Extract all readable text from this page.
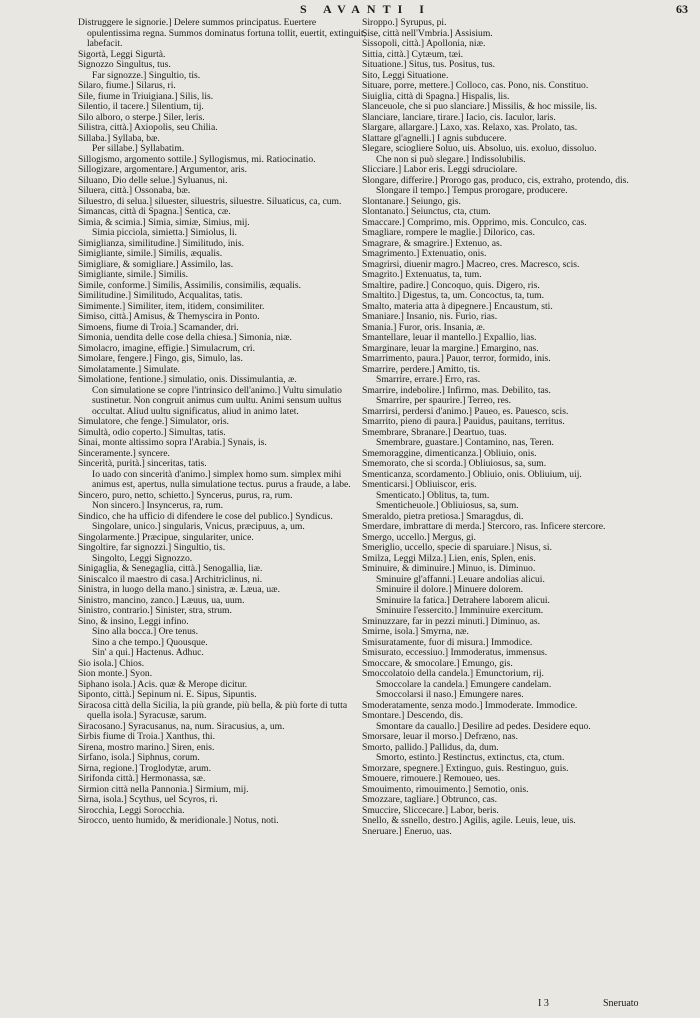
S AVANTI I	63

Distruggere le signorie.] Delere summos principatus. Euertere opulentissima regna. Summos dominatus fortuna tollit, euertit, extinguit, labefacit.

Sigortà, Leggi Sigurtà.

Signozzo Singultus, tus.

Far signozze.] Singultio, tis.

Silaro, fiume.] Silarus, ri.

Sile, fiume in Triuigiana.] Silis, lis.

Silentio, il tacere.] Silentium, tij.

Silo alboro, o sterpe.] Siler, leris.

Silistra, città.] Axiopolis, seu Chilia.

Sillaba.] Syllaba, bæ.

Per sillabe.] Syllabatim.

Sillogismo, argomento sottile.] Syllogismus, mi. Ratiocinatio.

Sillogizare, argomentare.] Argumentor, aris.

Siluano, Dio delle selue.] Syluanus, ni.

Siluera, città.] Ossonaba, bæ.

Siluestro, di selua.] siluester, siluestris, siluestre. Siluaticus, ca, cum.

Simancas, città di Spagna.] Sentica, cæ.

Simia, & scimia.] Simia, simiæ, Simius, mij.

Simia picciola, simietta.] Simiolus, li.

Simiglianza, similitudine.] Similitudo, inis.

Simigliante, simile.] Similis, æqualis.

Simigliare, & somigliare.] Assimilo, las.

Simigliante, simile.] Similis.

Simile, conforme.] Similis, Assimilis, consimilis, æqualis.

Similitudine.] Similitudo, Acqualitas, tatis.

Simimente.] Similiter, item, itidem, consimiliter.

Simiso, città.] Amisus, & Themyscira in Ponto.

Simoens, fiume di Troia.] Scamander, dri.

Simonia, uendita delle cose della chiesa.] Simonia, niæ.

Simolacro, imagine, effigie.] Simulacrum, cri.

Simolare, fengere.] Fingo, gis, Simulo, las.

Simolatamente.] Simulate.

Simolatione, fentione.] simulatio, onis. Dissimulantia, æ.

Con simulatione se copre l'intrinsico dell'animo.] Vultu simulatio sustinetur. Non congruit animus cum uultu. Animi sensum uultus occultat. Aliud uultu significatus, aliud in animo latet.

Simulatore, che fenge.] Simulator, oris.

Simultà, odio coperto.] Simultas, tatis.

Sinai, monte altissimo sopra l'Arabia.] Synais, is.

Sinceramente.] syncere.

Sincerità, purità.] sinceritas, tatis.

Io uado con sincerità d'animo.] simplex homo sum. simplex mihi animus est, apertus, nulla simulatione tectus. purus a fraude, a labe.

Sincero, puro, netto, schietto.] Syncerus, purus, ra, rum.

Non sincero.] Insyncerus, ra, rum.

Sindico, che ha ufficio di difendere le cose del publico.] Syndicus.

Singolare, unico.] singularis, Vnicus, præcipuus, a, um.

Singolarmente.] Præcipue, singulariter, unice.

Singoltire, far signozzi.] Singultio, tis.

Singolto, Leggi Signozzo.

Sinigaglia, & Senegaglia, città.] Senogallia, liæ.

Siniscalco il maestro di casa.] Architriclinus, ni.

Sinistra, in luogo della mano.] sinistra, æ. Læua, uæ.

Sinistro, mancino, zanco.] Læuus, ua, uum.

Sinistro, contrario.] Sinister, stra, strum.

Sino, & insino, Leggi infino.

Sino alla bocca.] Ore tenus.

Sino a che tempo.] Quousque.

Sin' a qui.] Hactenus. Adhuc.

Sio isola.] Chios.

Sion monte.] Syon.

Siphano isola.] Acis. quæ & Merope dicitur.

Siponto, città.] Sepinum ni. E. Sipus, Sipuntis.

Siracosa città della Sicilia, la più grande, più bella, & più forte di tutta quella isola.] Syracusæ, sarum.

Siracosano.] Syracusanus, na, num. Siracusius, a, um.

Sirbis fiume di Troia.] Xanthus, thi.

Sirena, mostro marino.] Siren, enis.

Sirfano, isola.] Siphnus, corum.

Sirna, regione.] Troglodytæ, arum.

Sirifonda città.] Hermonassa, sæ.

Sirmion città nella Pannonia.] Sirmium, mij.

Sirna, isola.] Scythus, uel Scyros, ri.

Sirocchia, Leggi Sorocchia.

Sirocco, uento humido, & meridionale.] Notus, noti.

Siroppo.] Syrupus, pi.

Sise, città nell'Vmbria.] Assisium.

Sissopoli, città.] Apollonia, niæ.

Sittia, città.] Cytæum, tæi.

Situatione.] Situs, tus. Positus, tus.

Sito, Leggi Situatione.

Situare, porre, mettere.] Colloco, cas. Pono, nis. Constituo.

Siuiglia, città di Spagna.] Hispalis, lis.

Slanceuole, che si puo slanciare.] Missilis, & hoc missile, lis.

Slanciare, lanciare, tirare.] Iacio, cis. Iaculor, laris.

Slargare, allargare.] Laxo, xas. Relaxo, xas. Prolato, tas.

Slattare gl'agnelli.] I agnis subducere.

Slegare, sciogliere Soluo, uis. Absoluo, uis. exoluo, dissoluo.

Che non si può slegare.] Indissolubilis.

Slicciare.] Labor eris. Leggi sdruciolare.

Slongare, differire.] Prorogo gas, produco, cis, extraho, protendo, dis.

Slongare il tempo.] Tempus prorogare, producere.

Slontanare.] Seiungo, gis.

Slontanato.] Seiunctus, cta, ctum.

Smaccare.] Comprimo, mis. Opprimo, mis. Conculco, cas.

Smagliare, rompere le maglie.] Dilorico, cas.

Smagrare, & smagrire.] Extenuo, as.

Smagrimento.] Extenuatio, onis.

Smagrirsi, diuenir magro.] Macreo, cres. Macresco, scis.

Smagrito.] Extenuatus, ta, tum.

Smaltire, padire.] Concoquo, quis. Digero, ris.

Smaltito.] Digestus, ta, um. Concoctus, ta, tum.

Smalto, materia atta à dipegnere.] Encaustum, sti.

Smaniare.] Insanio, nis. Furio, rias.

Smania.] Furor, oris. Insania, æ.

Smantellare, leuar il mantello.] Expallio, lias.

Smarginare, leuar la margine.] Emargino, nas.

Smarrimento, paura.] Pauor, terror, formido, inis.

Smarrire, perdere.] Amitto, tis.

Smarrire, errare.] Erro, ras.

Smarrire, indebolire.] Infirmo, mas. Debilito, tas.

Smarrire, per spaurire.] Terreo, res.

Smarrirsi, perdersi d'animo.] Paueo, es. Pauesco, scis.

Smarrito, pieno di paura.] Pauidus, pauitans, territus.

Smembrare, Sbranare.] Deartuo, tuas.

Smembrare, guastare.] Contamino, nas, Teren.

Smemoraggine, dimenticanza.] Obliuio, onis.

Smemorato, che si scorda.] Obliuiosus, sa, sum.

Smenticanza, scordamento.] Obliuio, onis. Obliuium, uij.

Smenticarsi.] Obliuiscor, eris.

Smenticato.] Oblitus, ta, tum.

Smenticheuole.] Obliuiosus, sa, sum.

Smeraldo, pietra pretiosa.] Smaragdus, di.

Smerdare, imbrattare di merda.] Stercoro, ras. Inficere stercore.

Smergo, uccello.] Mergus, gi.

Smeriglio, uccello, specie di sparuiare.] Nisus, si.

Smilza, Leggi Milza.] Lien, enis, Splen, enis.

Sminuire, & diminuire.] Minuo, is. Diminuo.

Sminuire gl'affanni.] Leuare andolias alicui.

Sminuire il dolore.] Minuere dolorem.

Sminuire la fatica.] Detrahere laborem alicui.

Sminuire l'essercito.] Imminuire exercitum.

Sminuzzare, far in pezzi minuti.] Diminuo, as.

Smirne, isola.] Smyrna, næ.

Smisuratamente, fuor di misura.] Immodice.

Smisurato, eccessiuo.] Immoderatus, immensus.

Smoccare, & smocolare.] Emungo, gis.

Smoccolatoio della candela.] Emunctorium, rij.

Smoccolare la candela.] Emungere candelam.

Smoccolarsi il naso.] Emungere nares.

Smoderatamente, senza modo.] Immoderate. Immodice.

Smontare.] Descendo, dis.

Smontare da cauallo.] Desilire ad pedes. Desidere equo.

Smorsare, leuar il morso.] Defræno, nas.

Smorto, pallido.] Pallidus, da, dum.

Smorto, estinto.] Restinctus, extinctus, cta, ctum.

Smorzare, spegnere.] Extinguo, guis. Restinguo, guis.

Smouere, rimouere.] Remoueo, ues.

Smouimento, rimouimento.] Semotio, onis.

Smozzare, tagliare.] Obtrunco, cas.

Smuccire, Sliccecare.] Labor, beris.

Snello, & ssnello, destro.] Agilis, agile. Leuis, leue, uis.

Sneruare.] Eneruo, uas.

I 3	Sneruato
